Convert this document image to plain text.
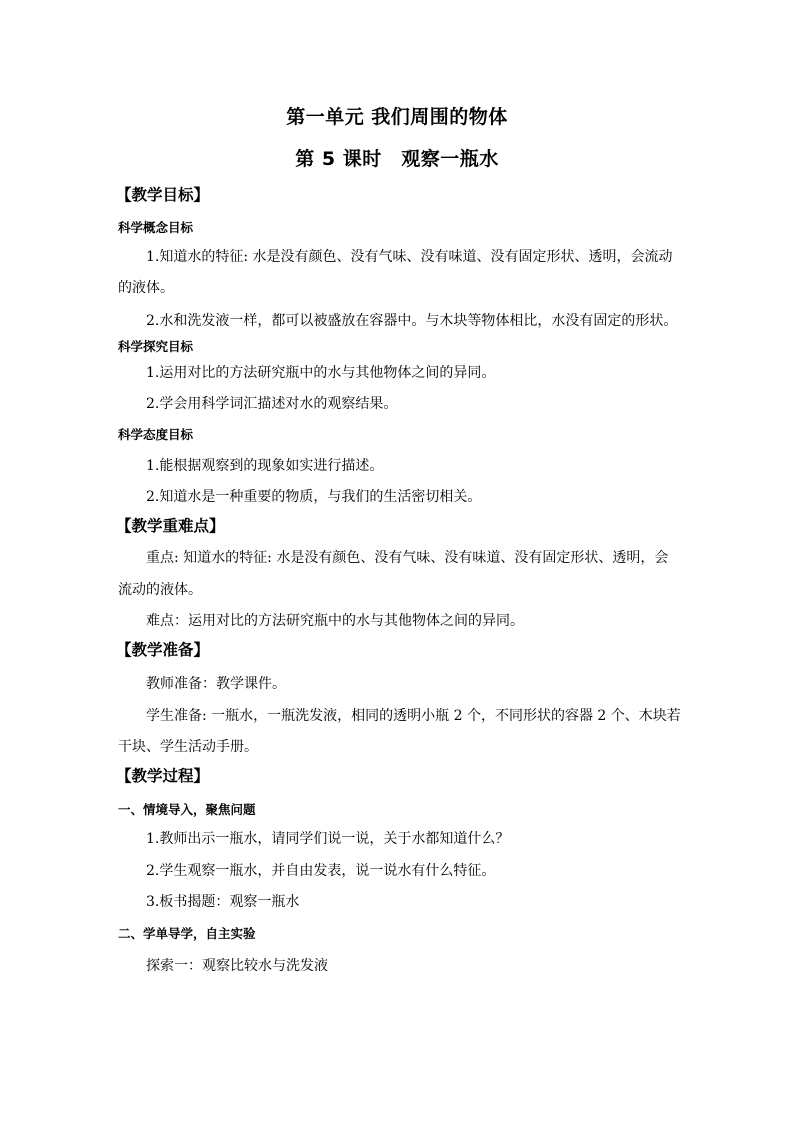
第一单元 我们周围的物体
第 5 课时　观察一瓶水
【教学目标】
科学概念目标
1.知道水的特征: 水是没有颜色、没有气味、没有味道、没有固定形状、透明，会流动
的液体。
2.水和洗发液一样，都可以被盛放在容器中。与木块等物体相比，水没有固定的形状。
科学探究目标
1.运用对比的方法研究瓶中的水与其他物体之间的异同。
2.学会用科学词汇描述对水的观察结果。
科学态度目标
1.能根据观察到的现象如实进行描述。
2.知道水是一种重要的物质，与我们的生活密切相关。
【教学重难点】
重点: 知道水的特征: 水是没有颜色、没有气味、没有味道、没有固定形状、透明，会
流动的液体。
难点：运用对比的方法研究瓶中的水与其他物体之间的异同。
【教学准备】
教师准备：教学课件。
学生准备: 一瓶水，一瓶洗发液，相同的透明小瓶 2 个，不同形状的容器 2 个、木块若
干块、学生活动手册。
【教学过程】
一、情境导入，聚焦问题
1.教师出示一瓶水，请同学们说一说，关于水都知道什么？
2.学生观察一瓶水，并自由发表，说一说水有什么特征。
3.板书揭题：观察一瓶水
二、学单导学，自主实验
探索一：观察比较水与洗发液
